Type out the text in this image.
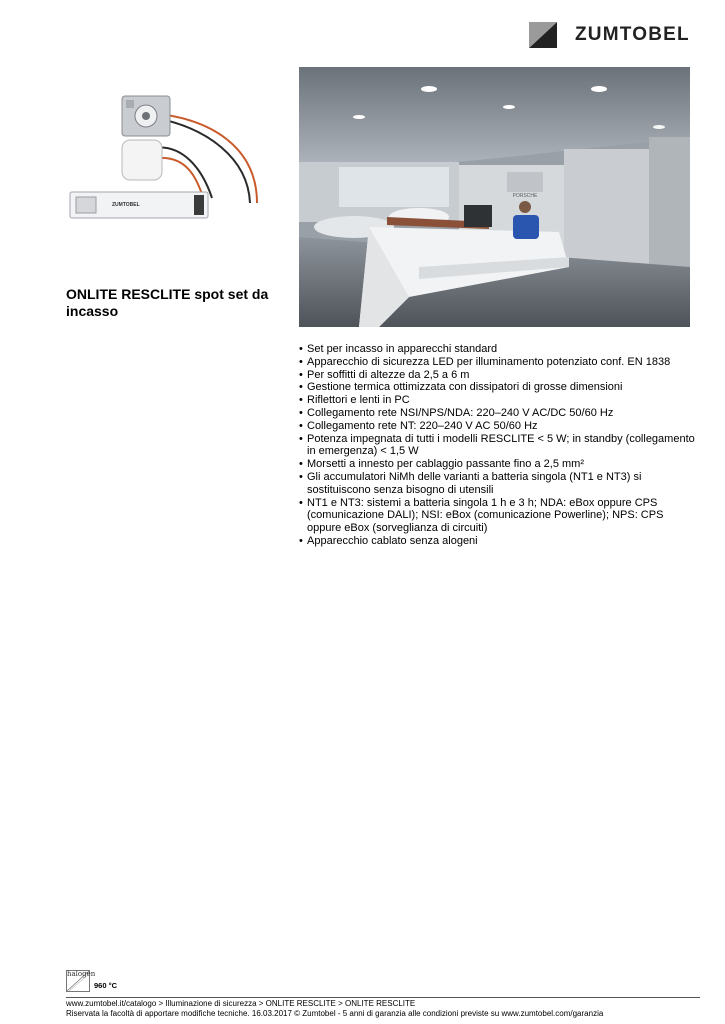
ZUMTOBEL
ZUMTOBEL
PORSCHE
ONLITE RESCLITE spot set da incasso
• Set per incasso in apparecchi standard
• Apparecchio di sicurezza LED per illuminamento potenziato conf. EN 1838
• Per soffitti di altezze da 2,5 a 6 m
• Gestione termica ottimizzata con dissipatori di grosse dimensioni
• Riflettori e lenti in PC
• Collegamento rete NSI/NPS/NDA: 220–240 V AC/DC 50/60 Hz
• Collegamento rete NT: 220–240 V AC 50/60 Hz
• Potenza impegnata di tutti i modelli RESCLITE < 5 W; in standby (collegamento in emergenza) < 1,5 W
• Morsetti a innesto per cablaggio passante fino a 2,5 mm²
• Gli accumulatori NiMh delle varianti a batteria singola (NT1 e NT3) si sostituiscono senza bisogno di utensili
• NT1 e NT3: sistemi a batteria singola 1 h e 3 h; NDA: eBox oppure CPS (comunicazione DALI); NSI: eBox (comunicazione Powerline); NPS: CPS oppure eBox (sorveglianza di circuiti)
• Apparecchio cablato senza alogeni
halogen
960 °C
www.zumtobel.it/catalogo > Illuminazione di sicurezza > ONLITE RESCLITE > ONLITE RESCLITE
Riservata la facoltà di apportare modifiche tecniche. 16.03.2017 © Zumtobel - 5 anni di garanzia alle condizioni previste su www.zumtobel.com/garanzia
